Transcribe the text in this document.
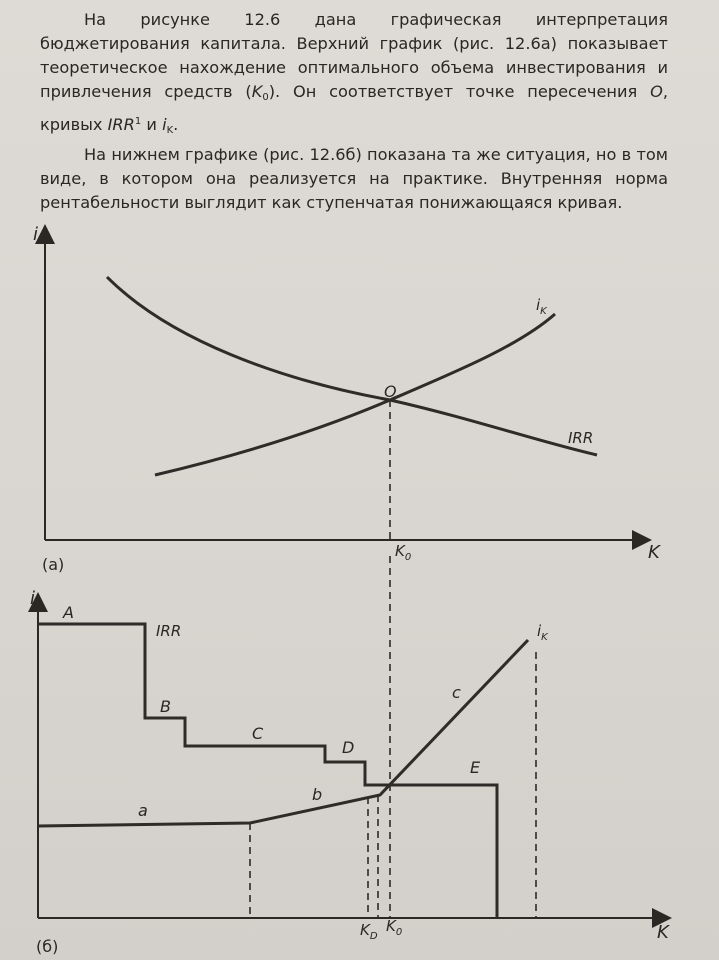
На рисунке 12.6 дана графическая интерпретация бюджетирования капитала. Верхний график (рис. 12.6а) показывает теоретическое нахождение оптимального объема инвестирования и привлечения средств $(K_0)$. Он соответствует точке пересечения O, кривых IRR$^1$ и $i_K$.

На нижнем графике (рис. 12.6б) показана та же ситуация, но в том виде, в котором она реализуется на практике. Внутренняя норма рентабельности выглядит как ступенчатая понижающаяся кривая.

i
K
(a)
O
IRR
$i_K$
$K_0$
i
K
(б)
A
IRR
B
C
D
E
a
b
c
$i_K$
$K_D$
$K_0$
